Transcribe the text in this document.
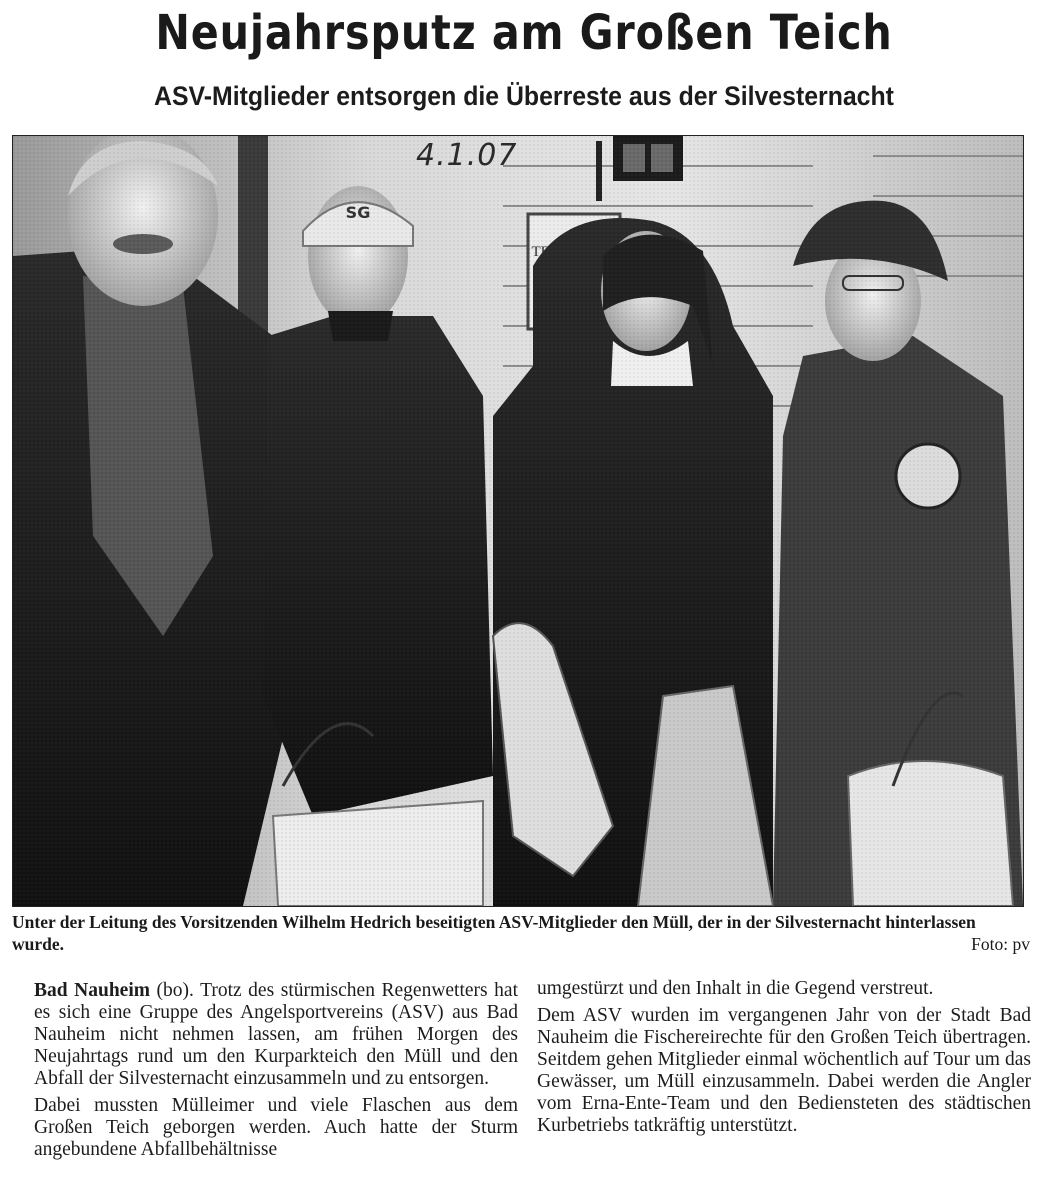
Neujahrsputz am Großen Teich
ASV-Mitglieder entsorgen die Überreste aus der Silvesternacht
4.1.07
Unter der Leitung des Vorsitzenden Wilhelm Hedrich beseitigten ASV-Mitglieder den Müll, der in der Silvesternacht hinterlassen wurde.	Foto: pv

Bad Nauheim (bo). Trotz des stürmischen Regenwetters hat es sich eine Gruppe des Angelsportvereins (ASV) aus Bad Nauheim nicht nehmen lassen, am frühen Morgen des Neujahrtags rund um den Kurparkteich den Müll und den Abfall der Silvesternacht einzusammeln und zu entsorgen.

Dabei mussten Mülleimer und viele Flaschen aus dem Großen Teich geborgen werden. Auch hatte der Sturm angebundene Abfallbehältnisse

umgestürzt und den Inhalt in die Gegend verstreut.

Dem ASV wurden im vergangenen Jahr von der Stadt Bad Nauheim die Fischereirechte für den Großen Teich übertragen. Seitdem gehen Mitglieder einmal wöchentlich auf Tour um das Gewässer, um Müll einzusammeln. Dabei werden die Angler vom Erna-Ente-Team und den Bediensteten des städtischen Kurbetriebs tatkräftig unterstützt.
